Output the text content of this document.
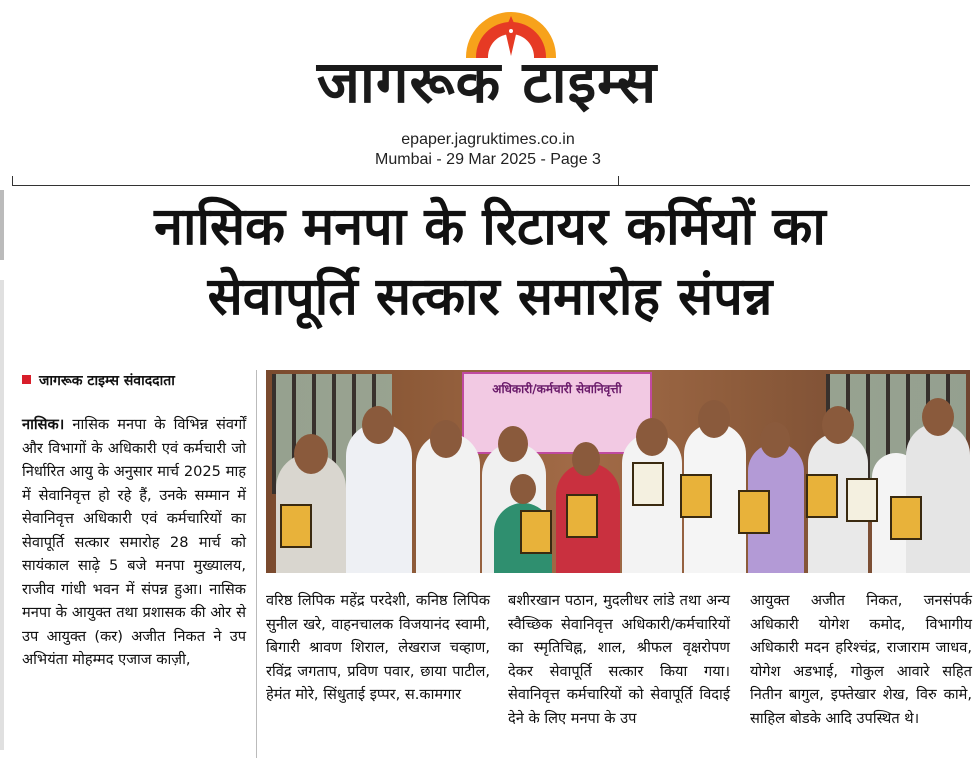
जागरूक टाइम्स
epaper.jagruktimes.co.in
Mumbai - 29 Mar 2025 - Page 3
नासिक मनपा के रिटायर कर्मियों का
सेवापूर्ति सत्कार समारोह संपन्न
जागरूक टाइम्स संवाददाता
नासिक। नासिक मनपा के विभिन्न संवर्गों और विभागों के अधिकारी एवं कर्मचारी जो निर्धारित आयु के अनुसार मार्च 2025 माह में सेवानिवृत्त हो रहे हैं, उनके सम्मान में सेवानिवृत्त अधिकारी एवं कर्मचारियों का सेवापूर्ति सत्कार समारोह 28 मार्च को सायंकाल साढ़े 5 बजे मनपा मुख्यालय, राजीव गांधी भवन में संपन्न हुआ। नासिक मनपा के आयुक्त तथा प्रशासक की ओर से उप आयुक्त (कर) अजीत निकत ने उप अभियंता मोहम्मद एजाज काज़ी,
अधिकारी/कर्मचारी सेवानिवृत्ती
वरिष्ठ लिपिक महेंद्र परदेशी, कनिष्ठ लिपिक सुनील खरे, वाहनचालक विजयानंद स्वामी, बिगारी श्रावण शिराल, लेखराज चव्हाण, रविंद्र जगताप, प्रविण पवार, छाया पाटील, हेमंत मोरे, सिंधुताई इप्पर, स.कामगार
बशीरखान पठान, मुदलीधर लांडे तथा अन्य स्वैच्छिक सेवानिवृत्त अधिकारी/कर्मचारियों का स्मृतिचिह्न, शाल, श्रीफल वृक्षरोपण देकर सेवापूर्ति सत्कार किया गया। सेवानिवृत्त कर्मचारियों को सेवापूर्ति विदाई देने के लिए मनपा के उप
आयुक्त अजीत निकत, जनसंपर्क अधिकारी योगेश कमोद, विभागीय अधिकारी मदन हरिश्चंद्र, राजाराम जाधव, योगेश अडभाई, गोकुल आवारे सहित नितीन बागुल, इफ्तेखार शेख, विरु कामे, साहिल बोडके आदि उपस्थित थे।
